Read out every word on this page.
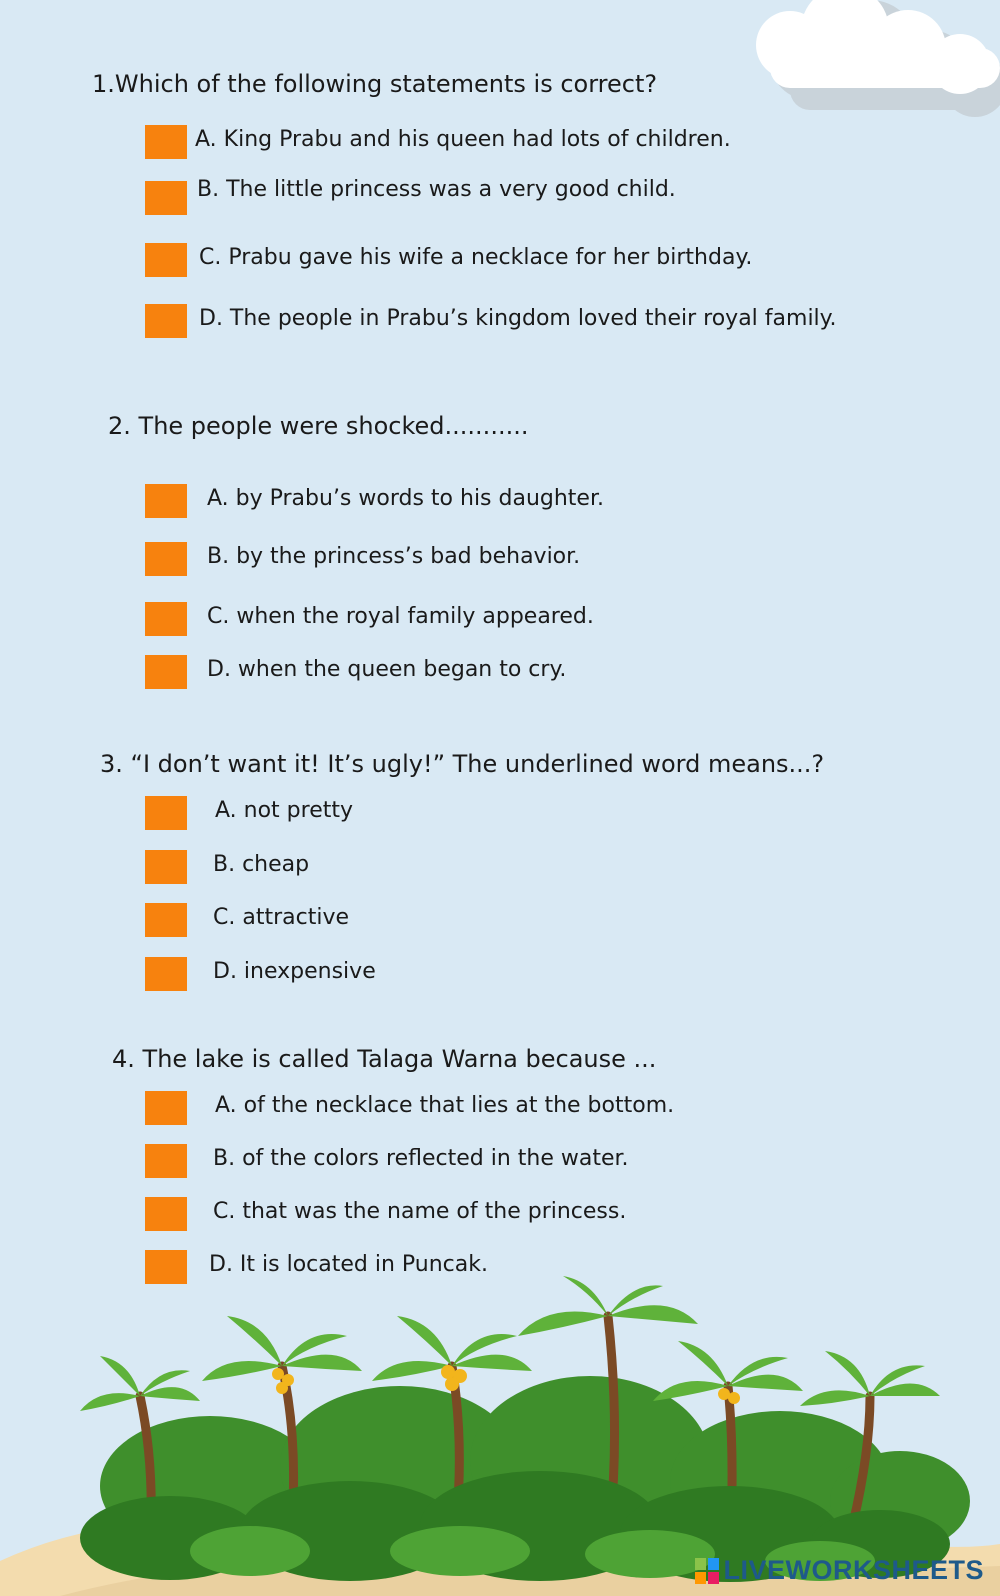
1.Which of the following statements is correct?
A. King Prabu and his queen had lots of children.
B. The little princess was a very good child.
C. Prabu gave his wife a necklace for her birthday.
D. The people in Prabu’s kingdom loved their royal family.
2. The people were shocked...........
A. by Prabu’s words to his daughter.
B. by the princess’s bad behavior.
C. when the royal family appeared.
D. when the queen began to cry.
3. “I don’t want it! It’s ugly!” The underlined word means...?
A. not pretty
B. cheap
C. attractive
D. inexpensive
4. The lake is called Talaga Warna because ...
A. of the necklace that lies at the bottom.
B. of the colors reflected in the water.
C. that was the name of the princess.
D. It is located in Puncak.
LIVEWORKSHEETS
